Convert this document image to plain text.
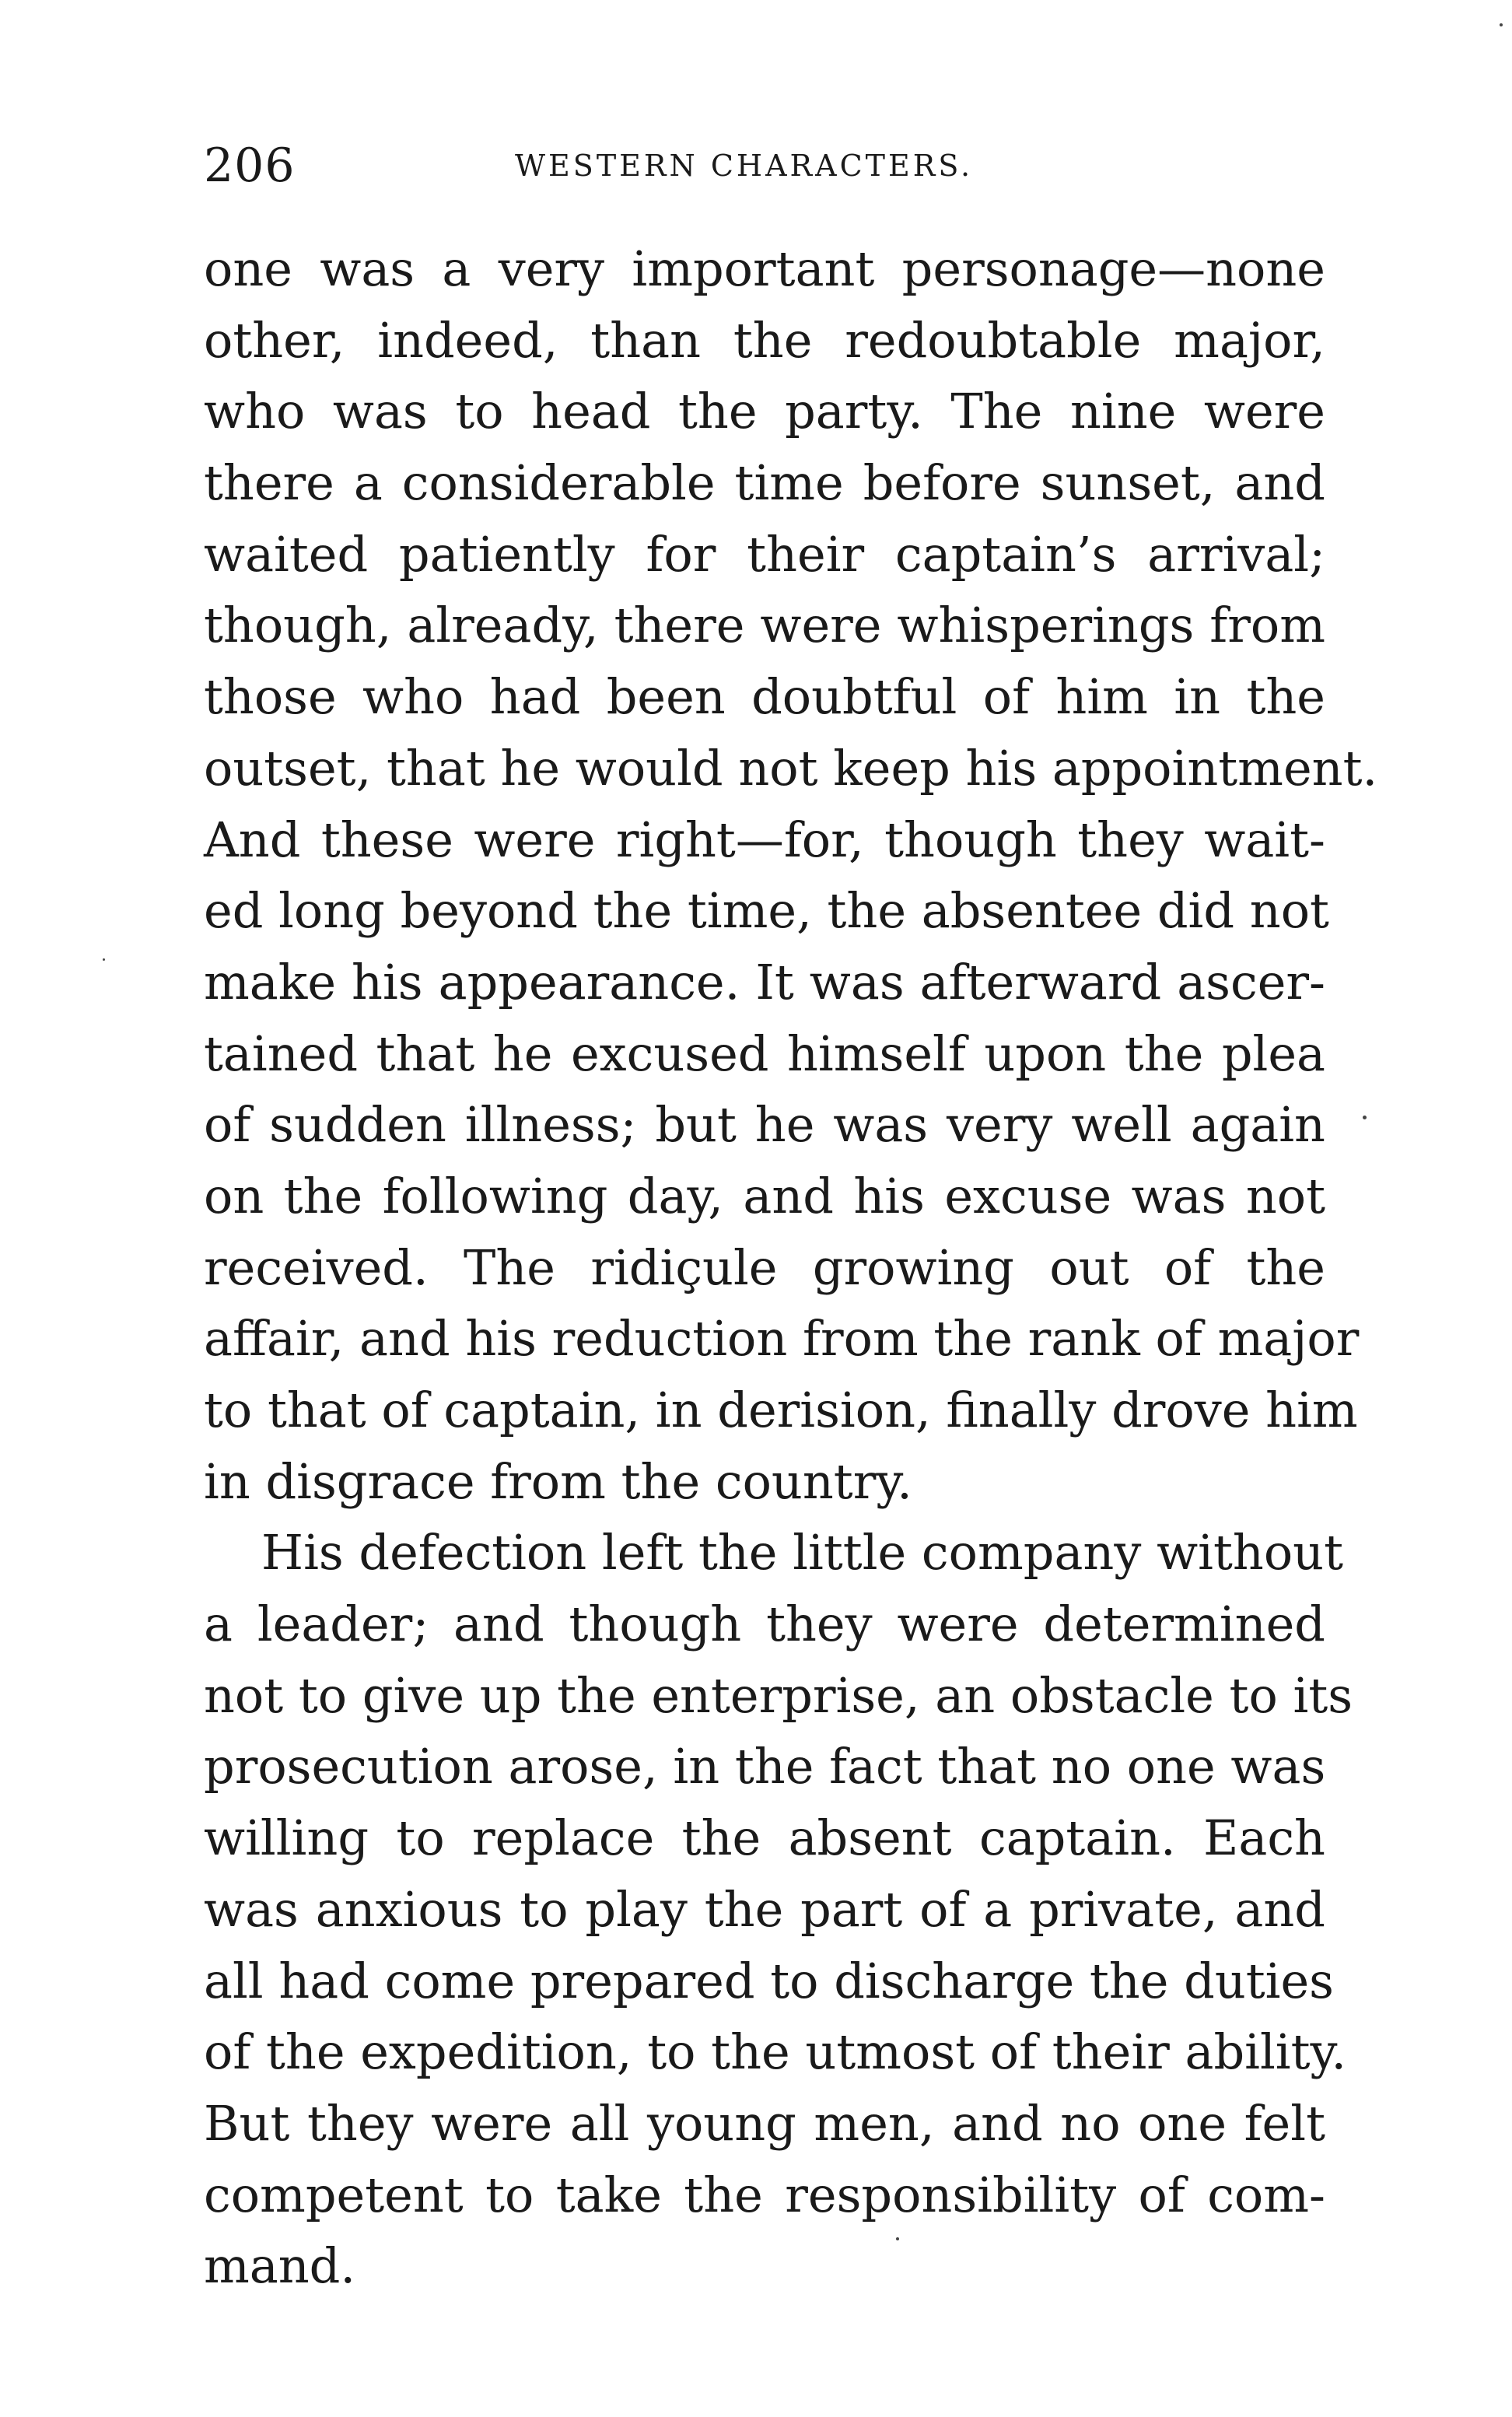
206	WESTERN CHARACTERS.
one was a very important personage—none
other, indeed, than the redoubtable major,
who was to head the party. The nine were
there a considerable time before sunset, and
waited patiently for their captain’s arrival;
though, already, there were whisperings from
those who had been doubtful of him in the
outset, that he would not keep his appointment.
And these were right—for, though they wait-
ed long beyond the time, the absentee did not
make his appearance. It was afterward ascer-
tained that he excused himself upon the plea
of sudden illness; but he was very well again
on the following day, and his excuse was not
received. The ridiçule growing out of the
affair, and his reduction from the rank of major
to that of captain, in derision, finally drove him
in disgrace from the country.
His defection left the little company without
a leader; and though they were determined
not to give up the enterprise, an obstacle to its
prosecution arose, in the fact that no one was
willing to replace the absent captain. Each
was anxious to play the part of a private, and
all had come prepared to discharge the duties
of the expedition, to the utmost of their ability.
But they were all young men, and no one felt
competent to take the responsibility of com-
mand.
